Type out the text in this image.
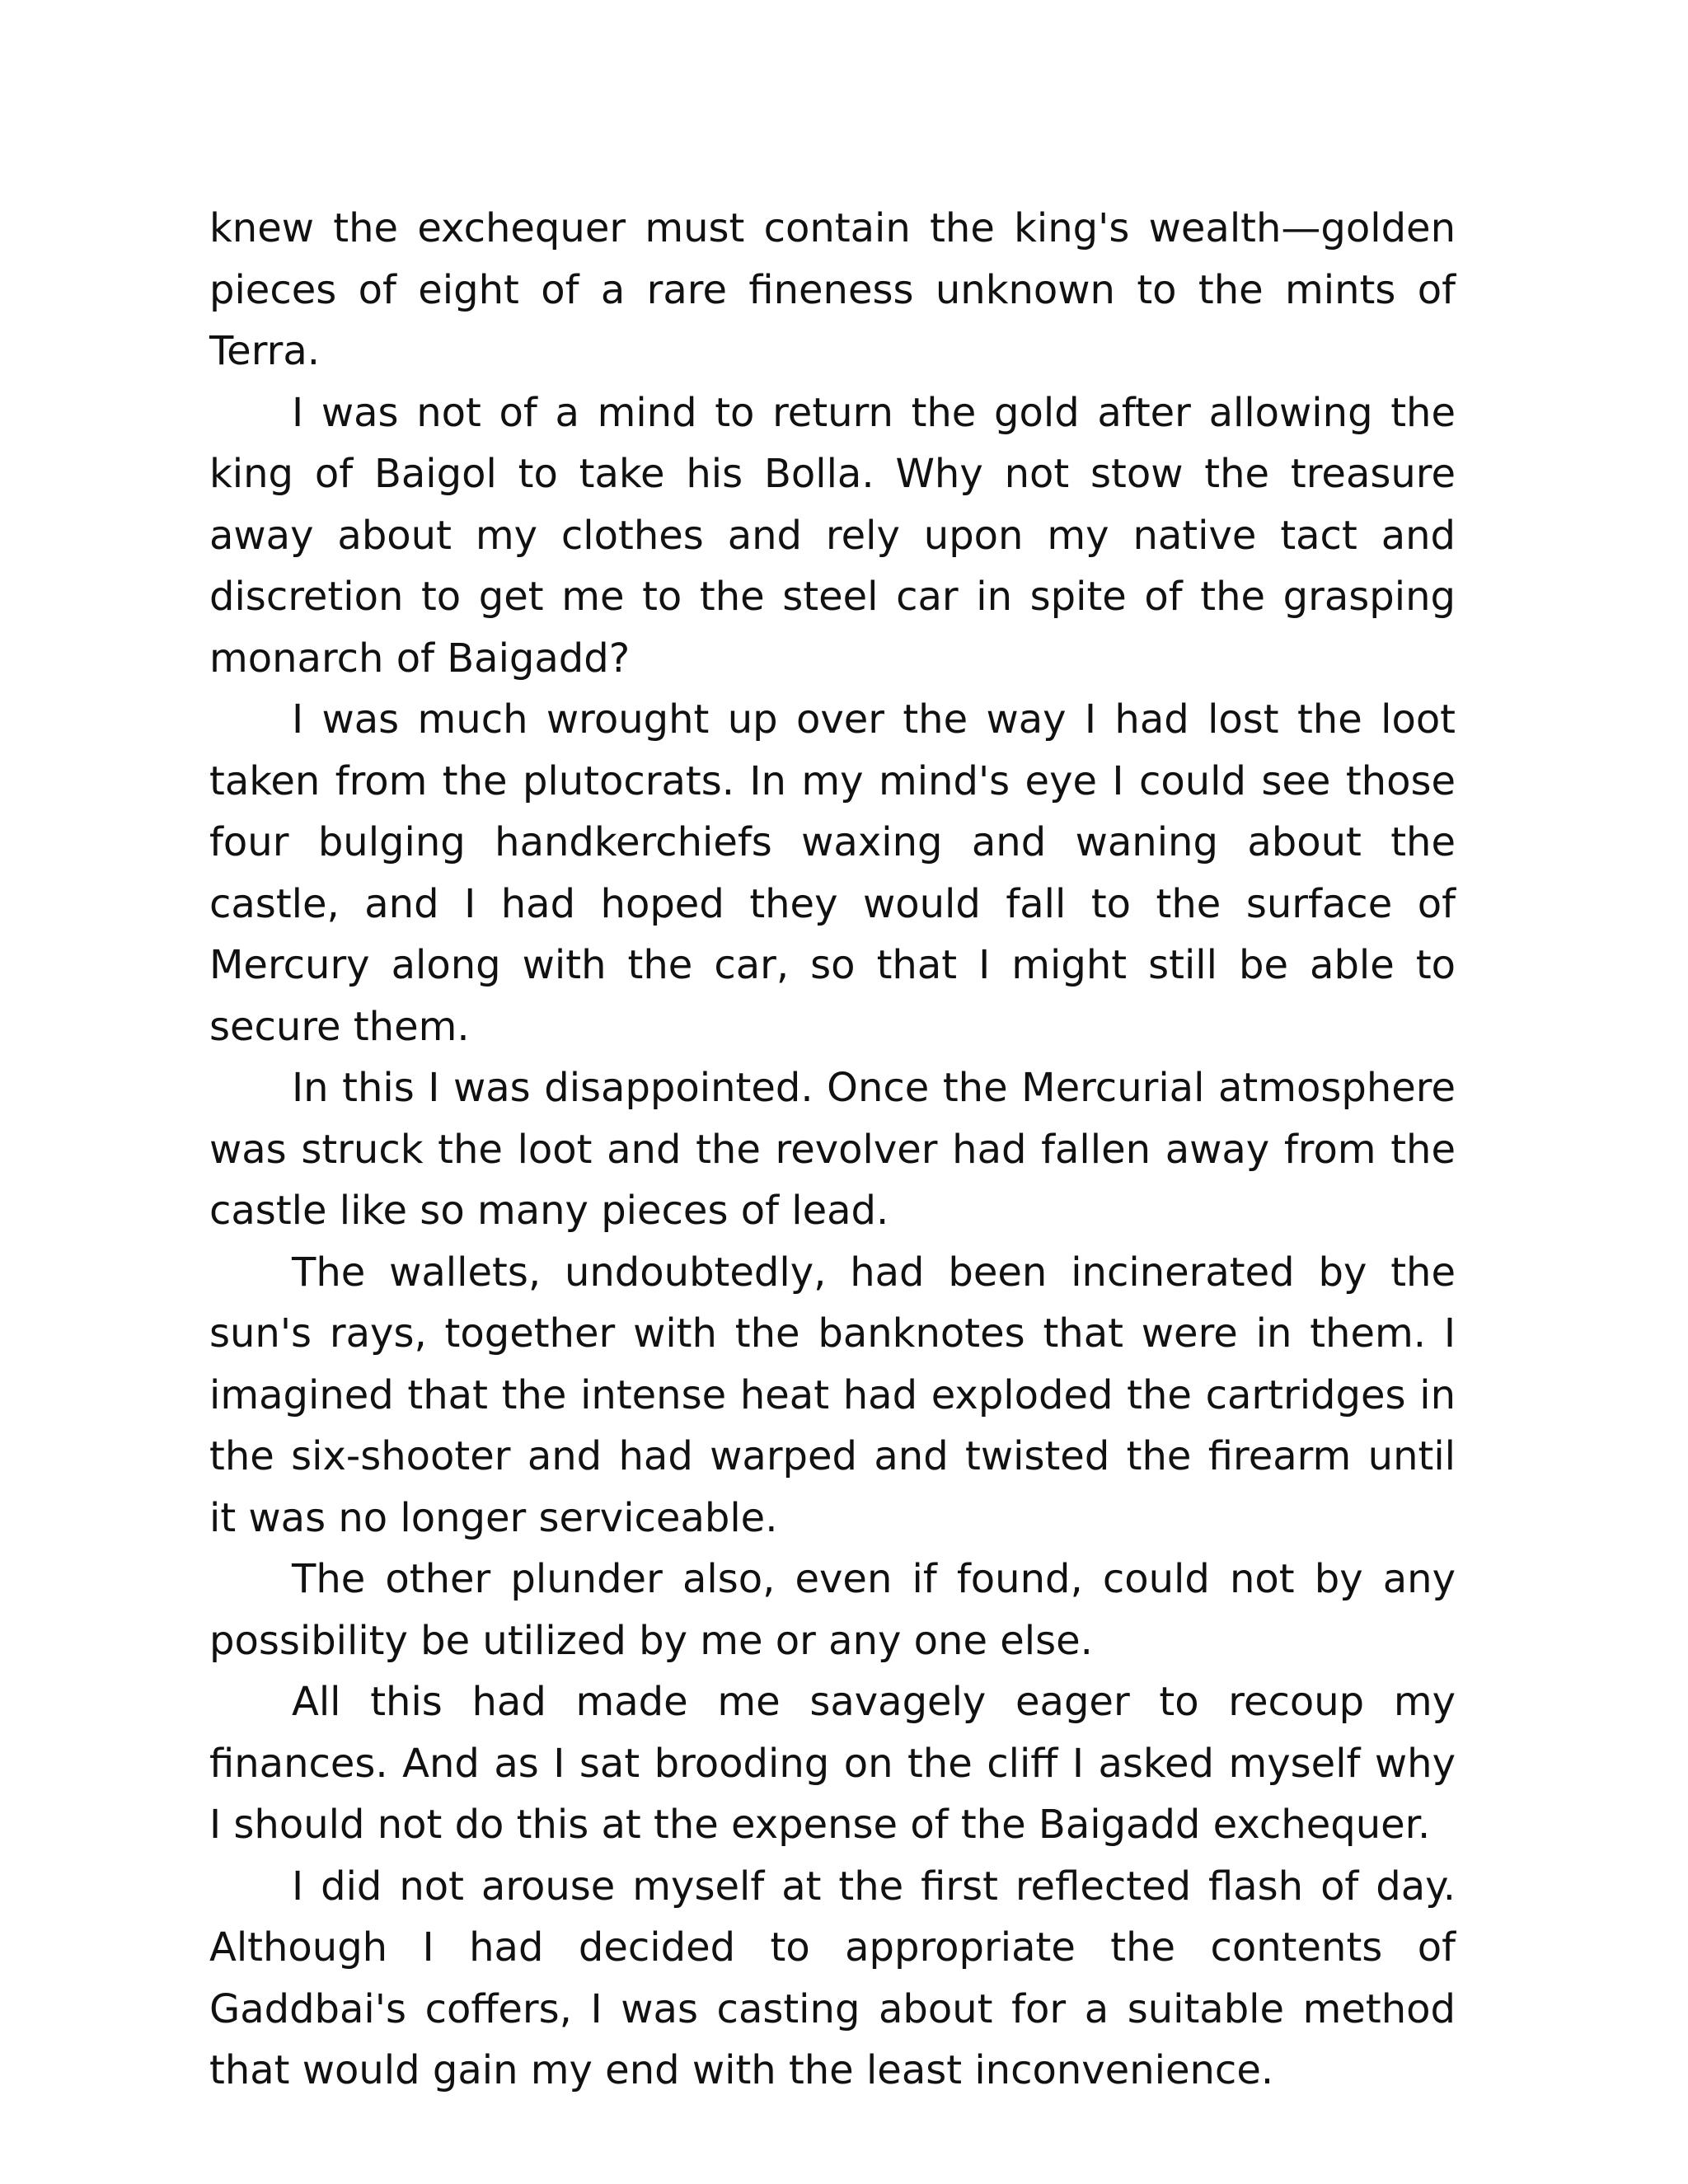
knew the exchequer must contain the king's wealth—golden pieces of eight of a rare fineness unknown to the mints of Terra.

I was not of a mind to return the gold after allowing the king of Baigol to take his Bolla. Why not stow the treasure away about my clothes and rely upon my native tact and discretion to get me to the steel car in spite of the grasping monarch of Baigadd?

I was much wrought up over the way I had lost the loot taken from the plutocrats. In my mind's eye I could see those four bulging handkerchiefs waxing and waning about the castle, and I had hoped they would fall to the surface of Mercury along with the car, so that I might still be able to secure them.

In this I was disappointed. Once the Mercurial atmosphere was struck the loot and the revolver had fallen away from the castle like so many pieces of lead.

The wallets, undoubtedly, had been incinerated by the sun's rays, together with the banknotes that were in them. I imagined that the intense heat had exploded the cartridges in the six-shooter and had warped and twisted the firearm until it was no longer serviceable.

The other plunder also, even if found, could not by any possibility be utilized by me or any one else.

All this had made me savagely eager to recoup my finances. And as I sat brooding on the cliff I asked myself why I should not do this at the expense of the Baigadd exchequer.

I did not arouse myself at the first reflected flash of day. Although I had decided to appropriate the contents of Gaddbai's coffers, I was casting about for a suitable method that would gain my end with the least inconvenience.
